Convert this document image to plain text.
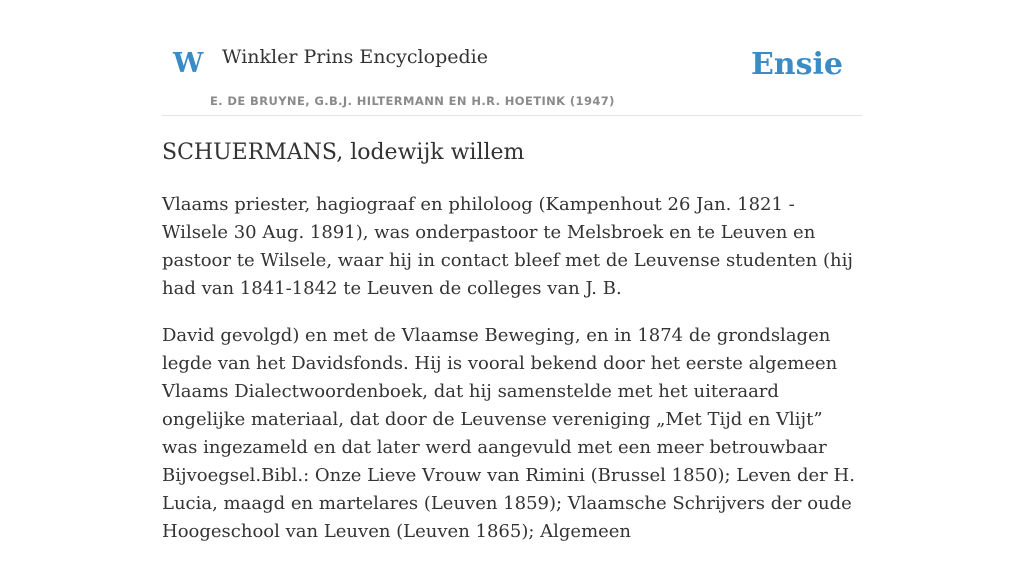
W Winkler Prins Encyclopedie
E. DE BRUYNE, G.B.J. HILTERMANN EN H.R. HOETINK (1947)
Ensie
SCHUERMANS, lodewijk willem

Vlaams priester, hagiograaf en philoloog (Kampenhout 26 Jan. 1821 - Wilsele 30 Aug. 1891), was onderpastoor te Melsbroek en te Leuven en pastoor te Wilsele, waar hij in contact bleef met de Leuvense studenten (hij had van 1841-1842 te Leuven de colleges van J. B.

David gevolgd) en met de Vlaamse Beweging, en in 1874 de grondslagen legde van het Davidsfonds. Hij is vooral bekend door het eerste algemeen Vlaams Dialectwoordenboek, dat hij samenstelde met het uiteraard ongelijke materiaal, dat door de Leuvense vereniging „Met Tijd en Vlijt” was ingezameld en dat later werd aangevuld met een meer betrouwbaar Bijvoegsel.Bibl.: Onze Lieve Vrouw van Rimini (Brussel 1850); Leven der H. Lucia, maagd en martelares (Leuven 1859); Vlaamsche Schrijvers der oude Hoogeschool van Leuven (Leuven 1865); Algemeen
